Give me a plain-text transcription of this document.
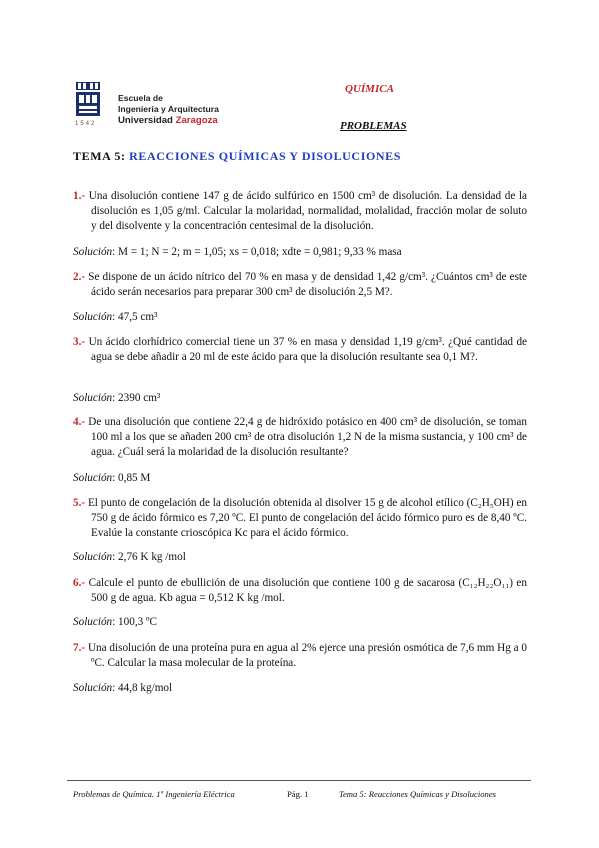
1542
Escuela de
Ingeniería y Arquitectura
Universidad Zaragoza
QUÍMICA
PROBLEMAS
TEMA 5: REACCIONES QUÍMICAS Y DISOLUCIONES
1.- Una disolución contiene 147 g de ácido sulfúrico en 1500 cm³ de disolución. La densidad de la disolución es 1,05 g/ml. Calcular la molaridad, normalidad, molalidad, fracción molar de soluto y del disolvente y la concentración centesimal de la disolución.
Solución: M = 1; N = 2; m = 1,05; xs = 0,018; xdte = 0,981; 9,33 % masa
2.- Se dispone de un ácido nítrico del 70 % en masa y de densidad 1,42 g/cm³. ¿Cuántos cm³ de este ácido serán necesarios para preparar 300 cm³ de disolución 2,5 M?.
Solución: 47,5 cm³
3.- Un ácido clorhídrico comercial tiene un 37 % en masa y densidad 1,19 g/cm³. ¿Qué cantidad de agua se debe añadir a 20 ml de este ácido para que la disolución resultante sea 0,1 M?.
Solución: 2390 cm³
4.- De una disolución que contiene 22,4 g de hidróxido potásico en 400 cm³ de disolución, se toman 100 ml a los que se añaden 200 cm³ de otra disolución 1,2 N de la misma sustancia, y 100 cm³ de agua. ¿Cuál será la molaridad de la disolución resultante?
Solución: 0,85 M
5.- El punto de congelación de la disolución obtenida al disolver 15 g de alcohol etílico (C₂H₅OH) en 750 g de ácido fórmico es 7,20 ºC. El punto de congelación del ácido fórmico puro es de 8,40 ºC. Evalúe la constante crioscópica Kc para el ácido fórmico.
Solución: 2,76 K kg /mol
6.- Calcule el punto de ebullición de una disolución que contiene 100 g de sacarosa (C₁₂H₂₂O₁₁) en 500 g de agua. Kb agua = 0,512 K kg /mol.
Solución: 100,3 ºC
7.- Una disolución de una proteína pura en agua al 2% ejerce una presión osmótica de 7,6 mm Hg a 0 ºC. Calcular la masa molecular de la proteína.
Solución: 44,8 kg/mol
Problemas de Química. 1º Ingeniería Eléctrica	Pág. 1	Tema 5: Reacciones Químicas y Disoluciones
